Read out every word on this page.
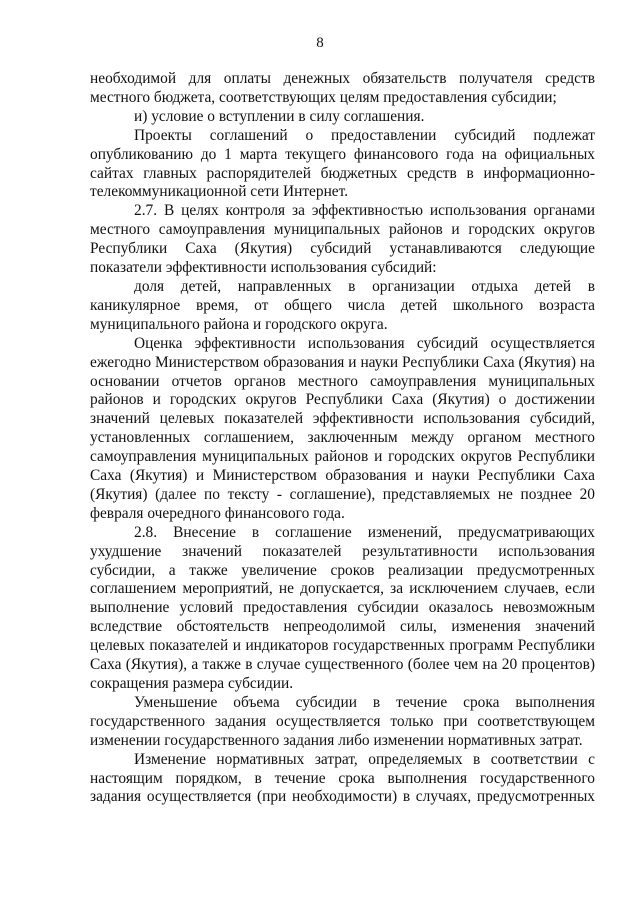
8

необходимой для оплаты денежных обязательств получателя средств местного бюджета, соответствующих целям предоставления субсидии;

и) условие о вступлении в силу соглашения.

Проекты соглашений о предоставлении субсидий подлежат опубликованию до 1 марта текущего финансового года на официальных сайтах главных распорядителей бюджетных средств в информационно-телекоммуникационной сети Интернет.

2.7. В целях контроля за эффективностью использования органами местного самоуправления муниципальных районов и городских округов Республики Саха (Якутия) субсидий устанавливаются следующие показатели эффективности использования субсидий:

доля детей, направленных в организации отдыха детей в каникулярное время, от общего числа детей школьного возраста муниципального района и городского округа.

Оценка эффективности использования субсидий осуществляется ежегодно Министерством образования и науки Республики Саха (Якутия) на основании отчетов органов местного самоуправления муниципальных районов и городских округов Республики Саха (Якутия) о достижении значений целевых показателей эффективности использования субсидий, установленных соглашением, заключенным между органом местного самоуправления муниципальных районов и городских округов Республики Саха (Якутия) и Министерством образования и науки Республики Саха (Якутия) (далее по тексту - соглашение), представляемых не позднее 20 февраля очередного финансового года.

2.8. Внесение в соглашение изменений, предусматривающих ухудшение значений показателей результативности использования субсидии, а также увеличение сроков реализации предусмотренных соглашением мероприятий, не допускается, за исключением случаев, если выполнение условий предоставления субсидии оказалось невозможным вследствие обстоятельств непреодолимой силы, изменения значений целевых показателей и индикаторов государственных программ Республики Саха (Якутия), а также в случае существенного (более чем на 20 процентов) сокращения размера субсидии.

Уменьшение объема субсидии в течение срока выполнения государственного задания осуществляется только при соответствующем изменении государственного задания либо изменении нормативных затрат.

Изменение нормативных затрат, определяемых в соответствии с настоящим порядком, в течение срока выполнения государственного задания осуществляется (при необходимости) в случаях, предусмотренных
